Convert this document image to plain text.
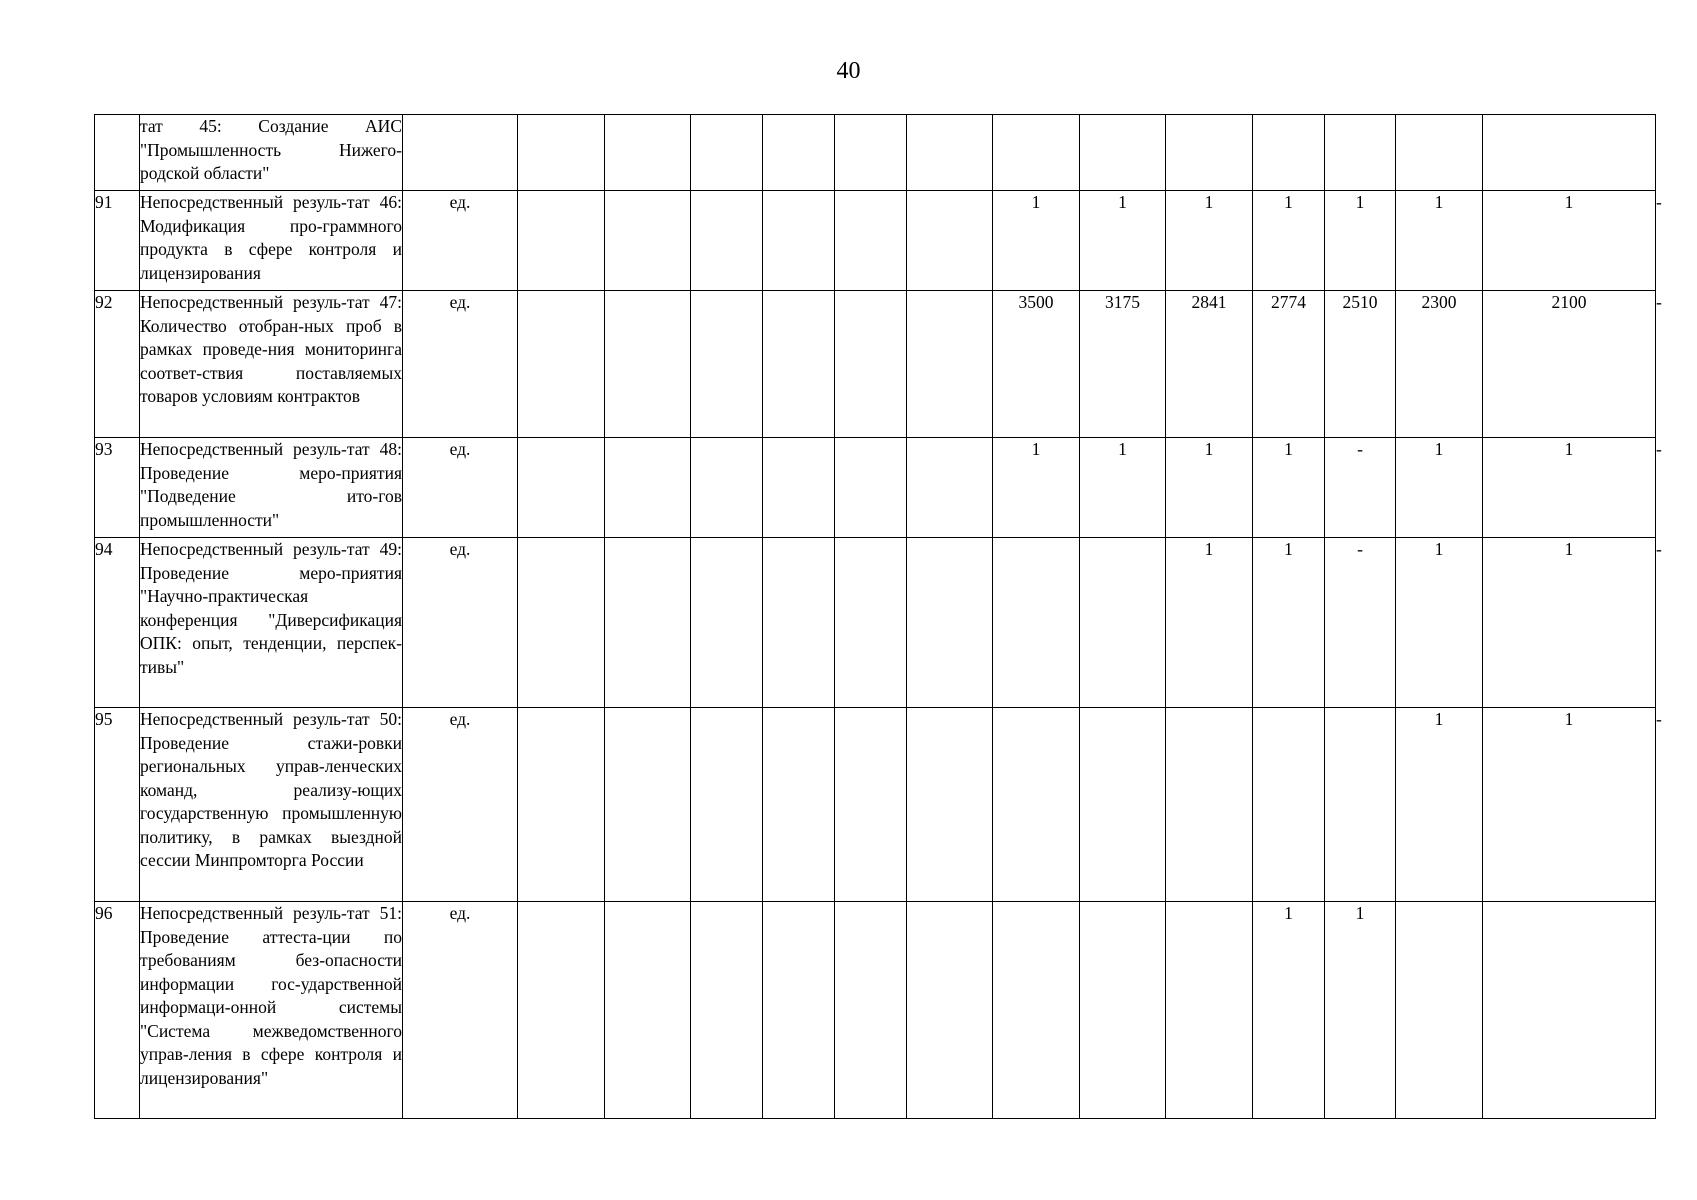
40
	тат 45: Создание АИС "Промышленность Нижего-родской области"															
91	Непосредственный резуль-тат 46: Модификация про-граммного продукта в сфере контроля и лицензирования	ед.							1	1	1	1	1	1	1	-
92	Непосредственный резуль-тат 47: Количество отобран-ных проб в рамках проведе-ния мониторинга соответ-ствия поставляемых товаров условиям контрактов	ед.							3500	3175	2841	2774	2510	2300	2100	-
93	Непосредственный резуль-тат 48: Проведение меро-приятия "Подведение ито-гов промышленности"	ед.							1	1	1	1	-	1	1	-
94	Непосредственный резуль-тат 49: Проведение меро-приятия "Научно-практическая конференция "Диверсификация ОПК: опыт, тенденции, перспек-тивы"	ед.									1	1	-	1	1	-
95	Непосредственный резуль-тат 50: Проведение стажи-ровки региональных управ-ленческих команд, реализу-ющих государственную промышленную политику, в рамках выездной сессии Минпромторга России	ед.												1	1	-
96	Непосредственный резуль-тат 51: Проведение аттеста-ции по требованиям без-опасности информации гос-ударственной информаци-онной системы "Система межведомственного управ-ления в сфере контроля и лицензирования"	ед.										1	1			
